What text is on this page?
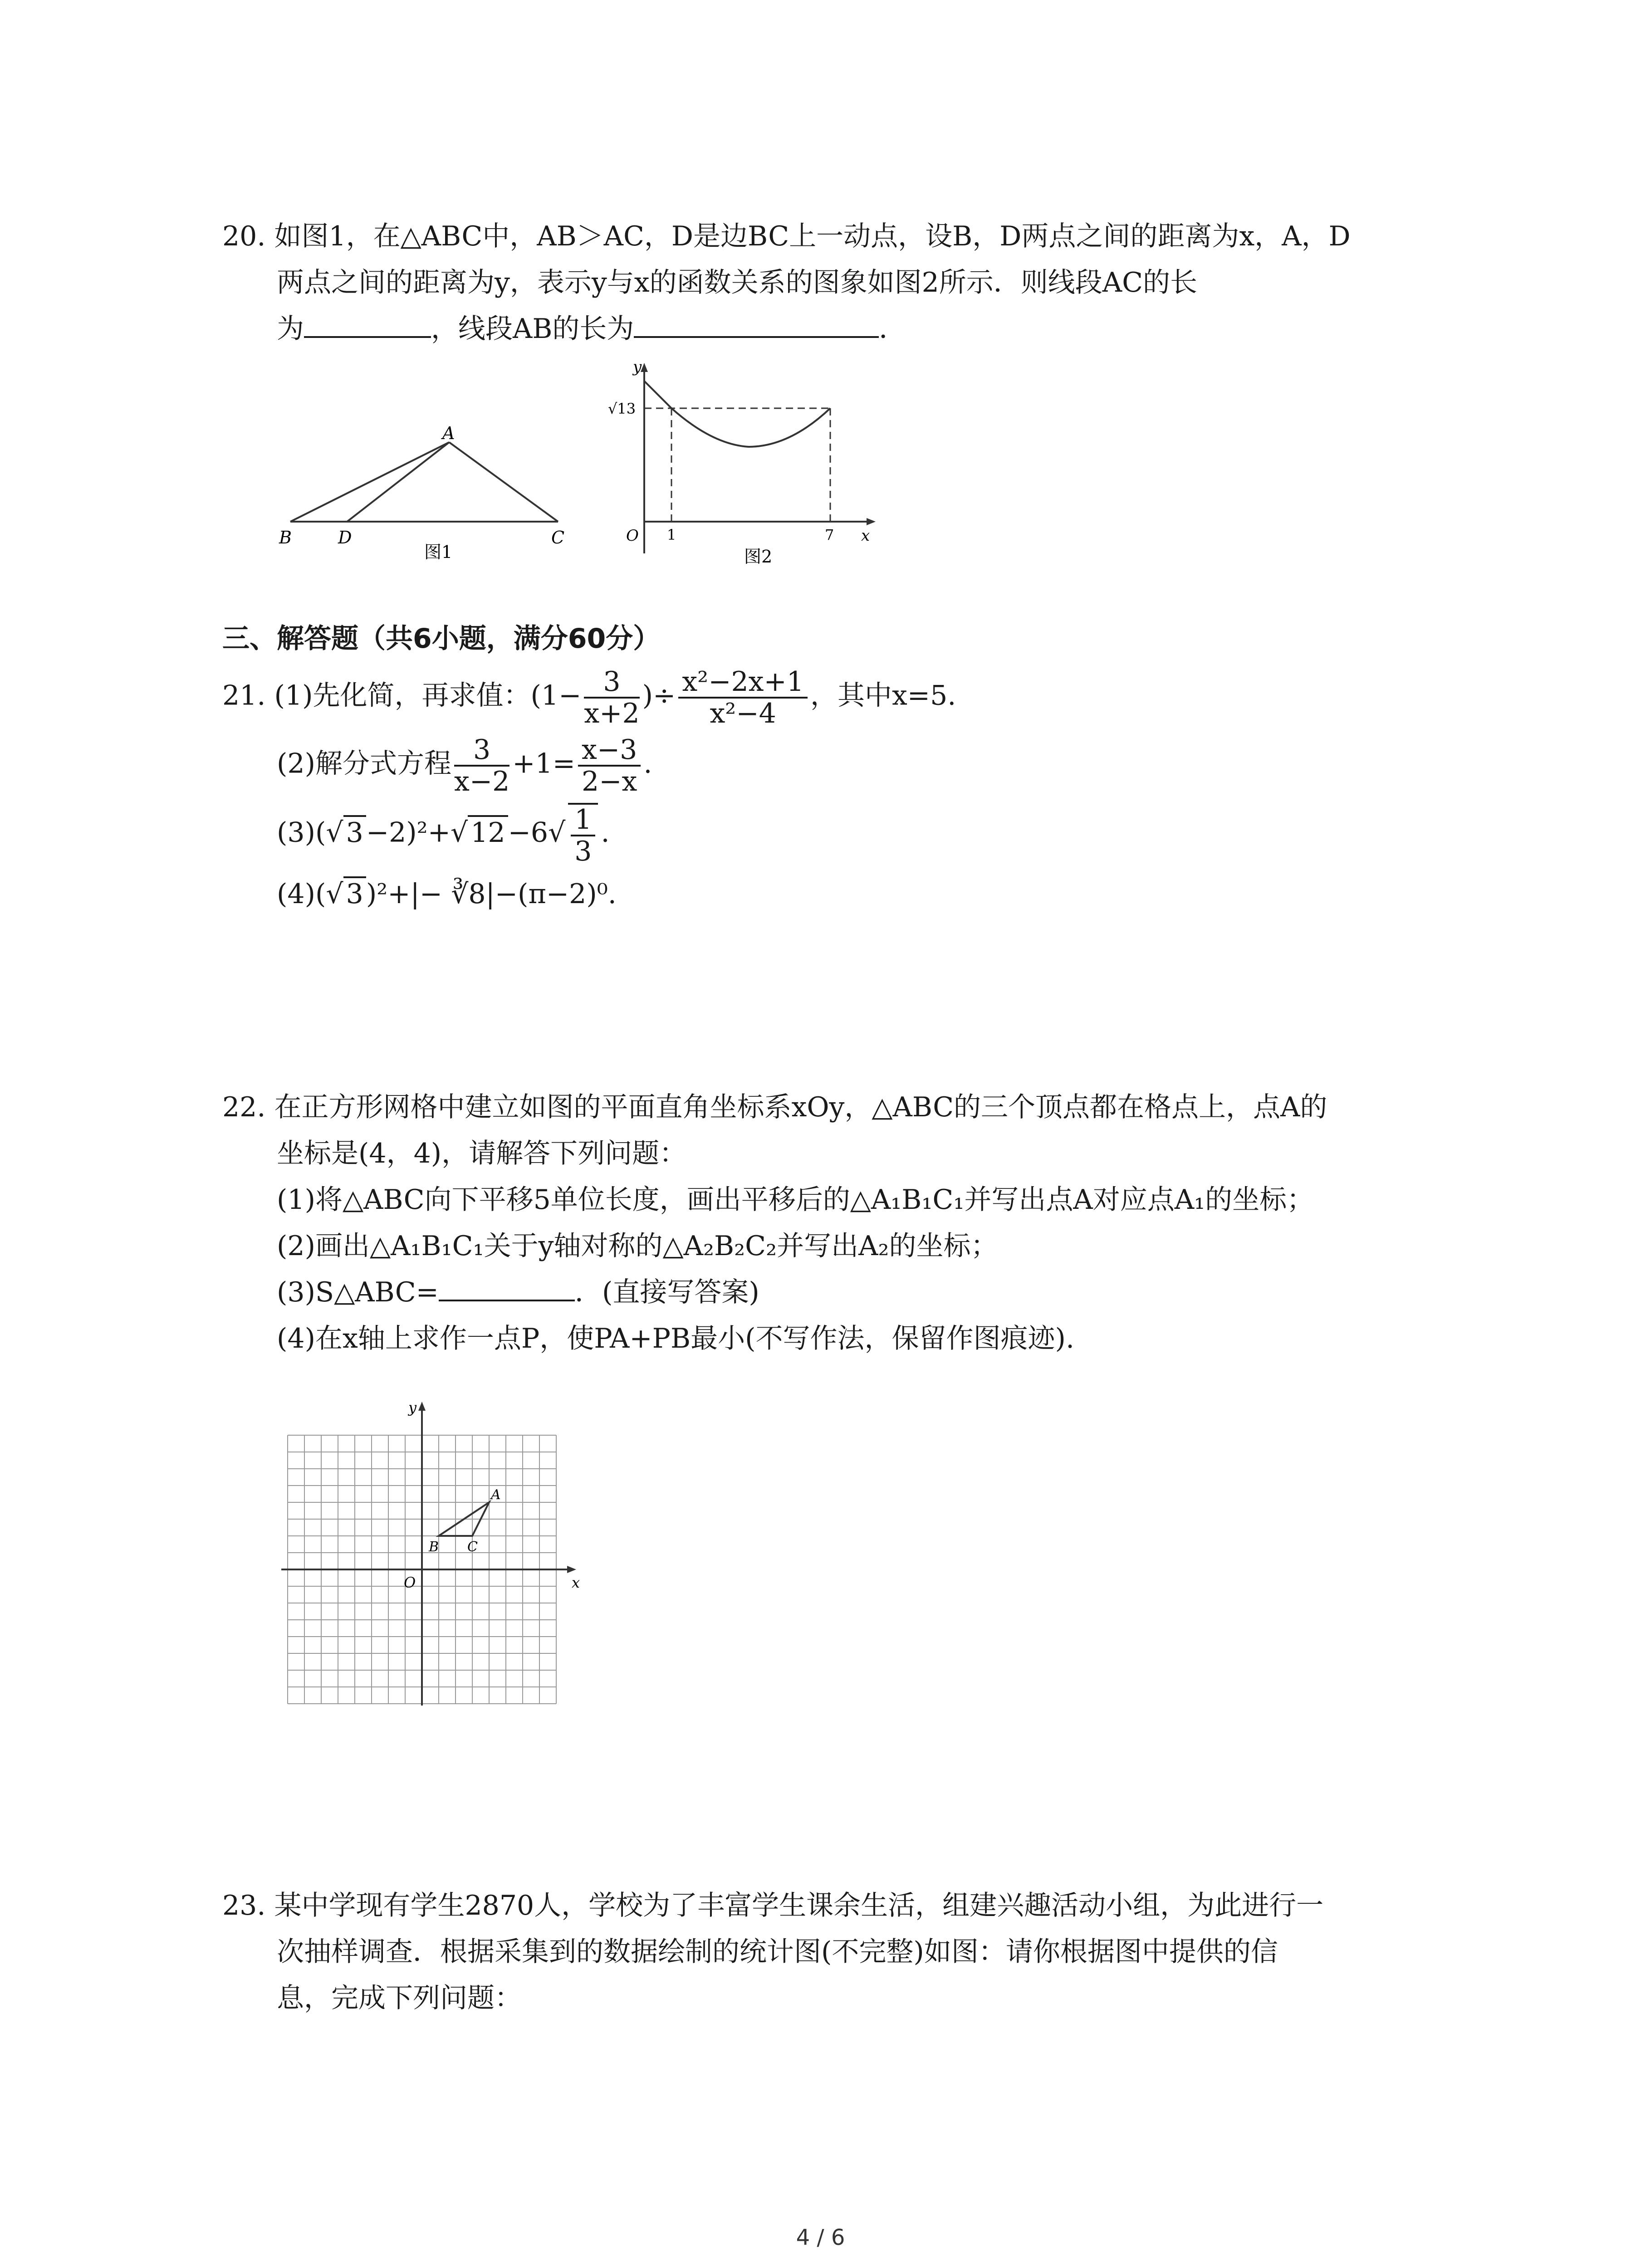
20. 如图1，在△ABC中，AB＞AC，D是边BC上一动点，设B，D两点之间的距离为x，A，D
两点之间的距离为y，表示y与x的函数关系的图象如图2所示．则线段AC的长
为	，线段AB的长为	．
A
B	D	C
图1
y
√13
O 1	7 x
图2
三、解答题（共6小题，满分60分）
21. (1)先化简，再求值：($1- \frac{3}{x+2}$ )÷ $\frac{\text{x²−2x+1}}{\text{x²−4}}$ ，其中x=5.
(2)解分式方程 $\frac{3}{x-2} +1= \frac{x-3}{2-x}$ .
(3)(√ 3 −2)²+√ $12 -6√ \frac{1}{3}$ .
(4)(√ 3 )²+|− ∛8|−(π−2)⁰.
22. 在正方形网格中建立如图的平面直角坐标系xOy，△ABC的三个顶点都在格点上，点A的
坐标是(4，4)，请解答下列问题：
(1)将△ABC向下平移5单位长度，画出平移后的△A₁B₁C₁并写出点A对应点A₁的坐标；
(2)画出△A₁B₁C₁关于y轴对称的△A₂B₂C₂并写出A₂的坐标；
(3)S△ABC=	．(直接写答案)
(4)在x轴上求作一点P，使PA+PB最小(不写作法，保留作图痕迹).
y
x
O
A
B C
23. 某中学现有学生2870人，学校为了丰富学生课余生活，组建兴趣活动小组，为此进行一
次抽样调查．根据采集到的数据绘制的统计图(不完整)如图：请你根据图中提供的信
息，完成下列问题：
4 / 6
